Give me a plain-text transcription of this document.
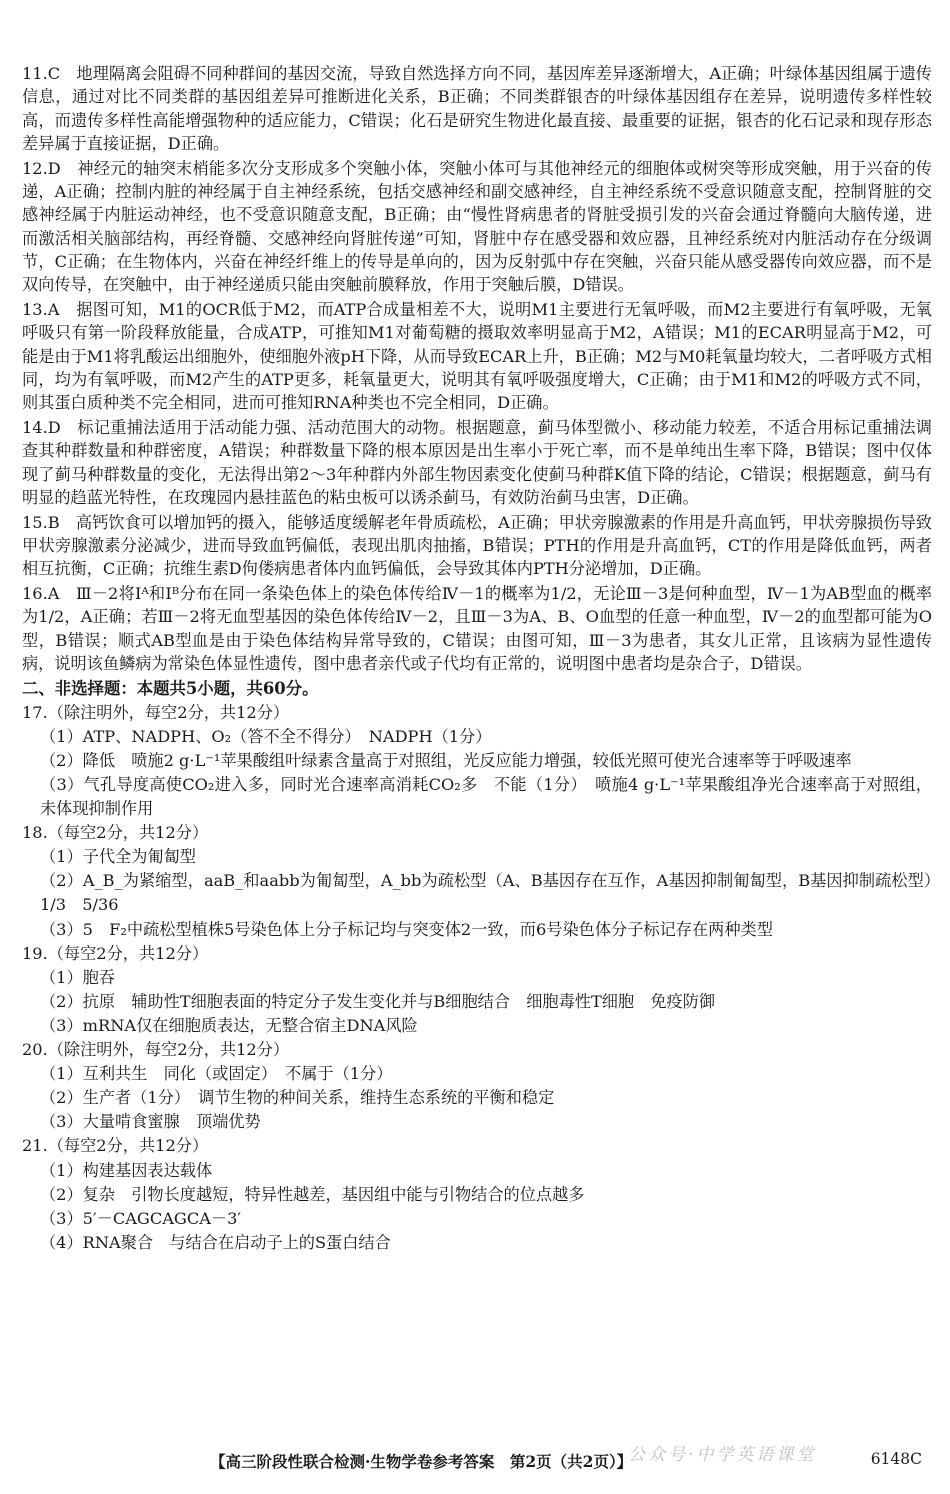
11.C　地理隔离会阻碍不同种群间的基因交流，导致自然选择方向不同，基因库差异逐渐增大，A正确；叶绿体基因组属于遗传信息，通过对比不同类群的基因组差异可推断进化关系，B正确；不同类群银杏的叶绿体基因组存在差异，说明遗传多样性较高，而遗传多样性高能增强物种的适应能力，C错误；化石是研究生物进化最直接、最重要的证据，银杏的化石记录和现存形态差异属于直接证据，D正确。

12.D　神经元的轴突末梢能多次分支形成多个突触小体，突触小体可与其他神经元的细胞体或树突等形成突触，用于兴奋的传递，A正确；控制内脏的神经属于自主神经系统，包括交感神经和副交感神经，自主神经系统不受意识随意支配，控制肾脏的交感神经属于内脏运动神经，也不受意识随意支配，B正确；由“慢性肾病患者的肾脏受损引发的兴奋会通过脊髓向大脑传递，进而激活相关脑部结构，再经脊髓、交感神经向肾脏传递”可知，肾脏中存在感受器和效应器，且神经系统对内脏活动存在分级调节，C正确；在生物体内，兴奋在神经纤维上的传导是单向的，因为反射弧中存在突触，兴奋只能从感受器传向效应器，而不是双向传导，在突触中，由于神经递质只能由突触前膜释放，作用于突触后膜，D错误。

13.A　据图可知，M1的OCR低于M2，而ATP合成量相差不大，说明M1主要进行无氧呼吸，而M2主要进行有氧呼吸，无氧呼吸只有第一阶段释放能量，合成ATP，可推知M1对葡萄糖的摄取效率明显高于M2，A错误；M1的ECAR明显高于M2，可能是由于M1将乳酸运出细胞外，使细胞外液pH下降，从而导致ECAR上升，B正确；M2与M0耗氧量均较大，二者呼吸方式相同，均为有氧呼吸，而M2产生的ATP更多，耗氧量更大，说明其有氧呼吸强度增大，C正确；由于M1和M2的呼吸方式不同，则其蛋白质种类不完全相同，进而可推知RNA种类也不完全相同，D正确。

14.D　标记重捕法适用于活动能力强、活动范围大的动物。根据题意，蓟马体型微小、移动能力较差，不适合用标记重捕法调查其种群数量和种群密度，A错误；种群数量下降的根本原因是出生率小于死亡率，而不是单纯出生率下降，B错误；图中仅体现了蓟马种群数量的变化，无法得出第2～3年种群内外部生物因素变化使蓟马种群K值下降的结论，C错误；根据题意，蓟马有明显的趋蓝光特性，在玫瑰园内悬挂蓝色的粘虫板可以诱杀蓟马，有效防治蓟马虫害，D正确。

15.B　高钙饮食可以增加钙的摄入，能够适度缓解老年骨质疏松，A正确；甲状旁腺激素的作用是升高血钙，甲状旁腺损伤导致甲状旁腺激素分泌减少，进而导致血钙偏低，表现出肌肉抽搐，B错误；PTH的作用是升高血钙，CT的作用是降低血钙，两者相互抗衡，C正确；抗维生素D佝偻病患者体内血钙偏低，会导致其体内PTH分泌增加，D正确。

16.A　Ⅲ－2将Iᴬ和Iᴮ分布在同一条染色体上的染色体传给Ⅳ－1的概率为1/2，无论Ⅲ－3是何种血型，Ⅳ－1为AB型血的概率为1/2，A正确；若Ⅲ－2将无血型基因的染色体传给Ⅳ－2，且Ⅲ－3为A、B、O血型的任意一种血型，Ⅳ－2的血型都可能为O型，B错误；顺式AB型血是由于染色体结构异常导致的，C错误；由图可知，Ⅲ－3为患者，其女儿正常，且该病为显性遗传病，说明该鱼鳞病为常染色体显性遗传，图中患者亲代或子代均有正常的，说明图中患者均是杂合子，D错误。

二、非选择题：本题共5小题，共60分。

17.（除注明外，每空2分，共12分）

（1）ATP、NADPH、O₂（答不全不得分）　NADPH（1分）

（2）降低　喷施2 g·L⁻¹苹果酸组叶绿素含量高于对照组，光反应能力增强，较低光照可使光合速率等于呼吸速率

（3）气孔导度高使CO₂进入多，同时光合速率高消耗CO₂多　不能（1分）　喷施4 g·L⁻¹苹果酸组净光合速率高于对照组，未体现抑制作用

18.（每空2分，共12分）

（1）子代全为匍匐型

（2）A_B_为紧缩型，aaB_和aabb为匍匐型，A_bb为疏松型（A、B基因存在互作，A基因抑制匍匐型，B基因抑制疏松型）　1/3　5/36

（3）5　F₂中疏松型植株5号染色体上分子标记均与突变体2一致，而6号染色体分子标记存在两种类型

19.（每空2分，共12分）

（1）胞吞

（2）抗原　辅助性T细胞表面的特定分子发生变化并与B细胞结合　细胞毒性T细胞　免疫防御

（3）mRNA仅在细胞质表达，无整合宿主DNA风险

20.（除注明外，每空2分，共12分）

（1）互利共生　同化（或固定）　不属于（1分）

（2）生产者（1分）　调节生物的种间关系，维持生态系统的平衡和稳定

（3）大量啃食蜜腺　顶端优势

21.（每空2分，共12分）

（1）构建基因表达载体

（2）复杂　引物长度越短，特异性越差，基因组中能与引物结合的位点越多

（3）5′－CAGCAGCA－3′

（4）RNA聚合　与结合在启动子上的S蛋白结合

【高三阶段性联合检测·生物学卷参考答案　第2页（共2页）】	6148C
公众号·中学英语课堂
